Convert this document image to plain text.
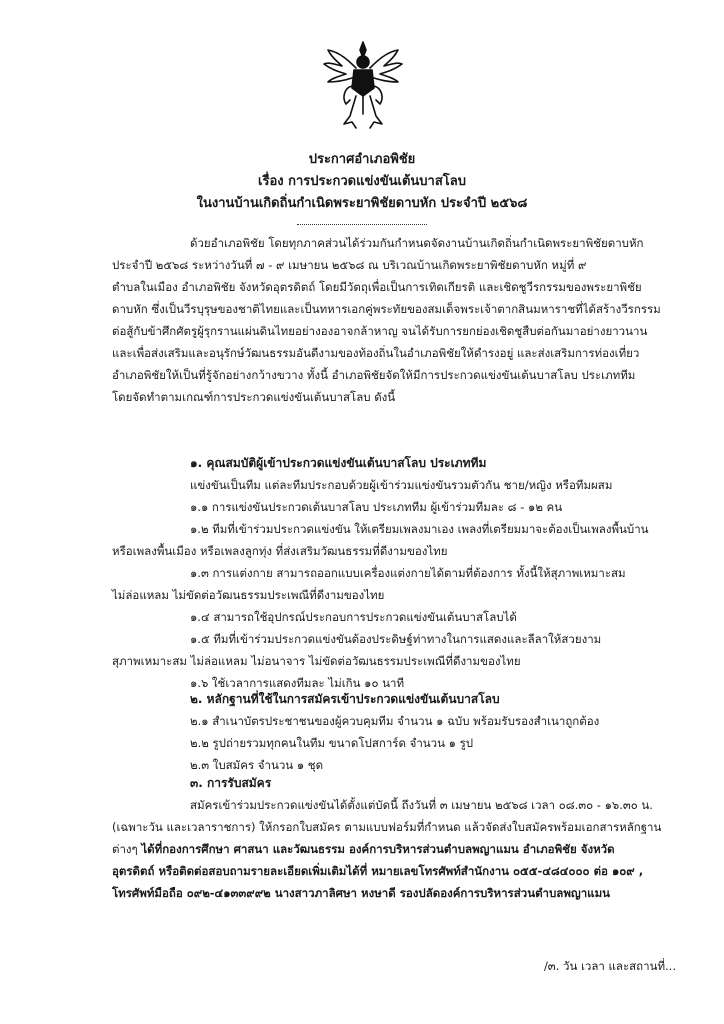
ประกาศอำเภอพิชัย
เรื่อง การประกวดแข่งขันเต้นบาสโลบ
ในงานบ้านเกิดถิ่นกำเนิดพระยาพิชัยดาบหัก ประจำปี ๒๕๖๘

ด้วยอำเภอพิชัย โดยทุกภาคส่วนได้ร่วมกันกำหนดจัดงานบ้านเกิดถิ่นกำเนิดพระยาพิชัยดาบหัก

ประจำปี ๒๕๖๘ ระหว่างวันที่ ๗ - ๙ เมษายน ๒๕๖๘ ณ บริเวณบ้านเกิดพระยาพิชัยดาบหัก หมู่ที่ ๙

ตำบลในเมือง อำเภอพิชัย จังหวัดอุตรดิตถ์ โดยมีวัตถุเพื่อเป็นการเทิดเกียรติ และเชิดชูวีรกรรมของพระยาพิชัย

ดาบหัก ซึ่งเป็นวีรบุรุษของชาติไทยและเป็นทหารเอกคู่พระทัยของสมเด็จพระเจ้าตากสินมหาราชที่ได้สร้างวีรกรรม

ต่อสู้กับข้าศึกศัตรูผู้รุกรานแผ่นดินไทยอย่างองอาจกล้าหาญ จนได้รับการยกย่องเชิดชูสืบต่อกันมาอย่างยาวนาน

และเพื่อส่งเสริมและอนุรักษ์วัฒนธรรมอันดีงามของท้องถิ่นในอำเภอพิชัยให้ดำรงอยู่ และส่งเสริมการท่องเที่ยว

อำเภอพิชัยให้เป็นที่รู้จักอย่างกว้างขวาง ทั้งนี้ อำเภอพิชัยจัดให้มีการประกวดแข่งขันเต้นบาสโลบ ประเภททีม

โดยจัดทำตามเกณฑ์การประกวดแข่งขันเต้นบาสโลบ ดังนี้

๑. คุณสมบัติผู้เข้าประกวดแข่งขันเต้นบาสโลบ ประเภททีม

แข่งขันเป็นทีม แต่ละทีมประกอบด้วยผู้เข้าร่วมแข่งขันรวมตัวกัน ชาย/หญิง หรือทีมผสม

๑.๑ การแข่งขันประกวดเต้นบาสโลบ ประเภททีม ผู้เข้าร่วมทีมละ ๘ - ๑๒ คน

๑.๒ ทีมที่เข้าร่วมประกวดแข่งขัน ให้เตรียมเพลงมาเอง เพลงที่เตรียมมาจะต้องเป็นเพลงพื้นบ้าน

หรือเพลงพื้นเมือง หรือเพลงลูกทุ่ง ที่ส่งเสริมวัฒนธรรมที่ดีงามของไทย

๑.๓ การแต่งกาย สามารถออกแบบเครื่องแต่งกายได้ตามที่ต้องการ ทั้งนี้ให้สุภาพเหมาะสม

ไม่ล่อแหลม ไม่ขัดต่อวัฒนธรรมประเพณีที่ดีงามของไทย

๑.๔ สามารถใช้อุปกรณ์ประกอบการประกวดแข่งขันเต้นบาสโลบได้

๑.๕ ทีมที่เข้าร่วมประกวดแข่งขันต้องประดิษฐ์ท่าทางในการแสดงและลีลาให้สวยงาม

สุภาพเหมาะสม ไม่ล่อแหลม ไม่อนาจาร ไม่ขัดต่อวัฒนธรรมประเพณีที่ดีงามของไทย

๑.๖ ใช้เวลาการแสดงทีมละ ไม่เกิน ๑๐ นาที

๒. หลักฐานที่ใช้ในการสมัครเข้าประกวดแข่งขันเต้นบาสโลบ

๒.๑ สำเนาบัตรประชาชนของผู้ควบคุมทีม จำนวน ๑ ฉบับ พร้อมรับรองสำเนาถูกต้อง

๒.๒ รูปถ่ายรวมทุกคนในทีม ขนาดโปสการ์ด จำนวน ๑ รูป

๒.๓ ใบสมัคร จำนวน ๑ ชุด

๓. การรับสมัคร

สมัครเข้าร่วมประกวดแข่งขันได้ตั้งแต่บัดนี้ ถึงวันที่ ๓ เมษายน ๒๕๖๘ เวลา ๐๘.๓๐ - ๑๖.๓๐ น.

(เฉพาะวัน และเวลาราชการ) ให้กรอกใบสมัคร ตามแบบฟอร์มที่กำหนด แล้วจัดส่งใบสมัครพร้อมเอกสารหลักฐาน

/๓. วัน เวลา และสถานที่...

ต่างๆ ได้ที่กองการศึกษา ศาสนา และวัฒนธรรม องค์การบริหารส่วนตำบลพญาแมน อำเภอพิชัย จังหวัด

อุตรดิตถ์ หรือติดต่อสอบถามรายละเอียดเพิ่มเติมได้ที่ หมายเลขโทรศัพท์สำนักงาน ๐๕๕-๔๘๔๐๐๐ ต่อ ๑๐๙ ,

โทรศัพท์มือถือ ๐๙๒-๔๑๓๓๙๙๒ นางสาวภาลิศษา หงษาดี รองปลัดองค์การบริหารส่วนตำบลพญาแมน
